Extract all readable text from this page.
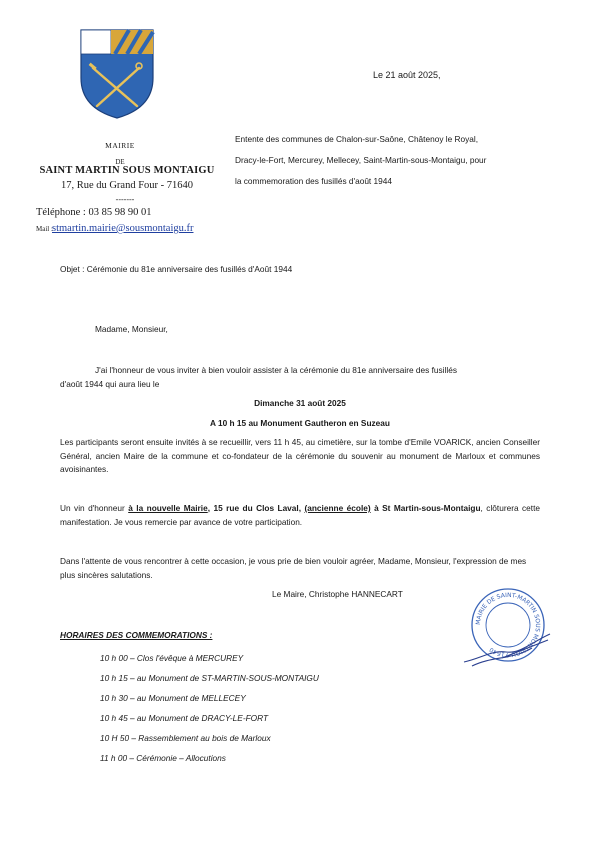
MAIRIE
DE
SAINT MARTIN SOUS MONTAIGU
17, Rue du Grand Four - 71640
-------
Téléphone : 03 85 98 90 01
Mail : stmartin.mairie@sousmontaigu.fr
Le 21 août 2025,
Entente des communes de Chalon-sur-Saône, Châtenoy le Royal,
Dracy-le-Fort, Mercurey, Mellecey, Saint-Martin-sous-Montaigu, pour
la commemoration des fusillés d'août 1944
Objet : Cérémonie du 81e anniversaire des fusillés d'Août 1944
Madame, Monsieur,
J'ai l'honneur de vous inviter à bien vouloir assister à la cérémonie du 81e anniversaire des fusillés
d'août 1944 qui aura lieu le
Dimanche 31 août 2025
A 10 h 15 au Monument Gautheron en Suzeau
Les participants seront ensuite invités à se recueillir, vers 11 h 45, au cimetière, sur la tombe d'Emile VOARICK, ancien Conseiller Général, ancien Maire de la commune et co-fondateur de la cérémonie du souvenir au monument de Marloux et communes avoisinantes.
Un vin d'honneur à la nouvelle Mairie, 15 rue du Clos Laval, (ancienne école) à St Martin-sous-Montaigu, clôturera cette manifestation. Je vous remercie par avance de votre participation.
Dans l'attente de vous rencontrer à cette occasion, je vous prie de bien vouloir agréer, Madame, Monsieur, l'expression de mes plus sincères salutations.
Le Maire, Christophe HANNECART
MAIRIE DE SAINT-MARTIN SOUS MONTAIGU 71640
HORAIRES DES COMMEMORATIONS :
10 h 00 – Clos l'évêque à MERCUREY
10 h 15 – au Monument de ST-MARTIN-SOUS-MONTAIGU
10 h 30 – au Monument de MELLECEY
10 h 45 – au Monument de DRACY-LE-FORT
10 H 50 – Rassemblement au bois de Marloux
11 h 00 – Cérémonie – Allocutions
